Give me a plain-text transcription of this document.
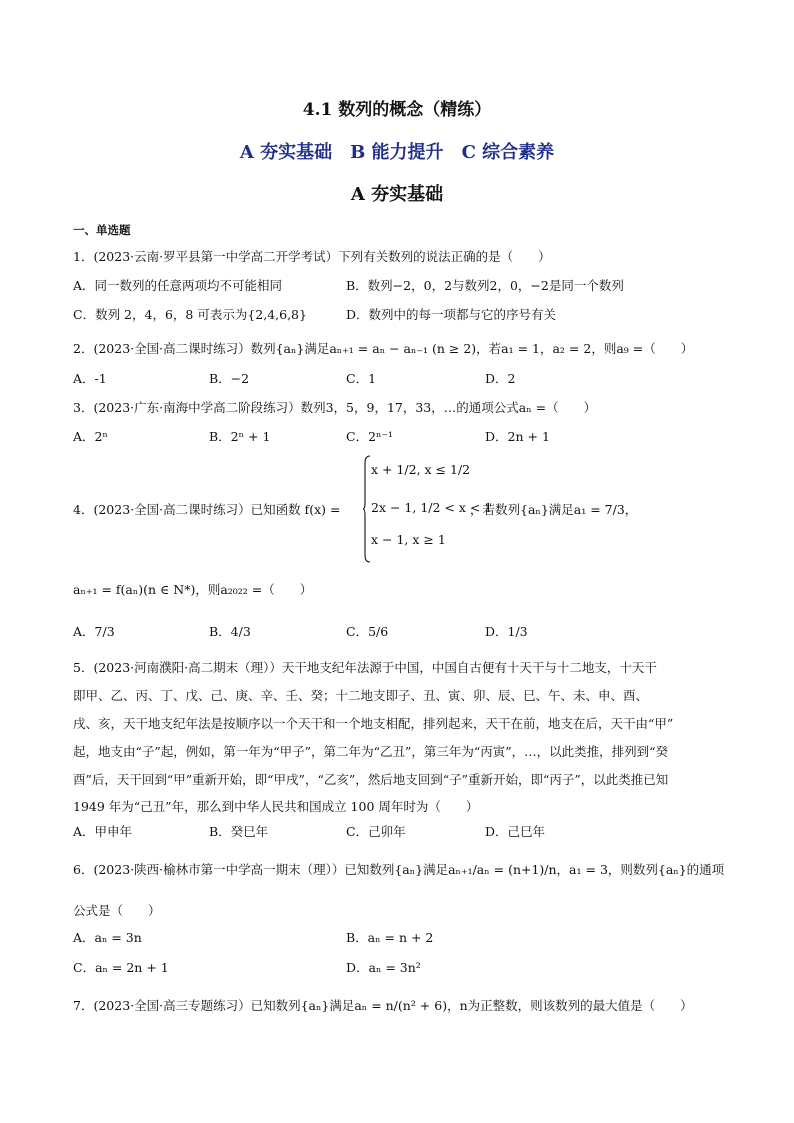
4.1 数列的概念（精练）
A 夯实基础 B 能力提升 C 综合素养
A 夯实基础
一、单选题
1．(2023·云南·罗平县第一中学高二开学考试）下列有关数列的说法正确的是（　　）
A．同一数列的任意两项均不可能相同	B．数列−2，0，2与数列2，0，−2是同一个数列
C．数列 2，4，6，8 可表示为{2,4,6,8}	D．数列中的每一项都与它的序号有关
2．(2023·全国·高二课时练习）数列{aₙ}满足aₙ₊₁ = aₙ − aₙ₋₁ (n ≥ 2)，若a₁ = 1，a₂ = 2，则a₉ =（　　）
A．-1	B．−2	C．1	D．2
3．(2023·广东·南海中学高二阶段练习）数列3，5，9，17，33，…的通项公式aₙ =（　　）
A．2ⁿ	B．2ⁿ + 1	C．2ⁿ⁻¹	D．2n + 1
4．(2023·全国·高二课时练习）已知函数 f(x) =
x + 1/2, x ≤ 1/2
2x − 1, 1/2 < x < 1
x − 1, x ≥ 1
，若数列{aₙ}满足a₁ = 7/3，
aₙ₊₁ = f(aₙ)(n ∈ N*)，则a₂₀₂₂ =（　　）
A．7/3	B．4/3	C．5/6	D．1/3
5．(2023·河南濮阳·高二期末（理））天干地支纪年法源于中国，中国自古便有十天干与十二地支，十天干
即甲、乙、丙、丁、戊、己、庚、辛、壬、癸；十二地支即子、丑、寅、卯、辰、巳、午、未、申、酉、
戌、亥，天干地支纪年法是按顺序以一个天干和一个地支相配，排列起来，天干在前，地支在后，天干由“甲”
起，地支由“子”起，例如，第一年为“甲子”，第二年为“乙丑”，第三年为“丙寅”，…，以此类推，排列到“癸
酉”后，天干回到“甲”重新开始，即“甲戌”，“乙亥”，然后地支回到“子”重新开始，即“丙子”，以此类推已知
1949 年为“己丑”年，那么到中华人民共和国成立 100 周年时为（　　）
A．甲申年	B．癸巳年	C．己卯年	D．己巳年
6．(2023·陕西·榆林市第一中学高一期末（理））已知数列{aₙ}满足aₙ₊₁/aₙ = (n+1)/n，a₁ = 3，则数列{aₙ}的通项
公式是（　　）
A．aₙ = 3n	B．aₙ = n + 2
C．aₙ = 2n + 1	D．aₙ = 3n²
7．(2023·全国·高三专题练习）已知数列{aₙ}满足aₙ = n/(n² + 6)，n为正整数，则该数列的最大值是（　　）
